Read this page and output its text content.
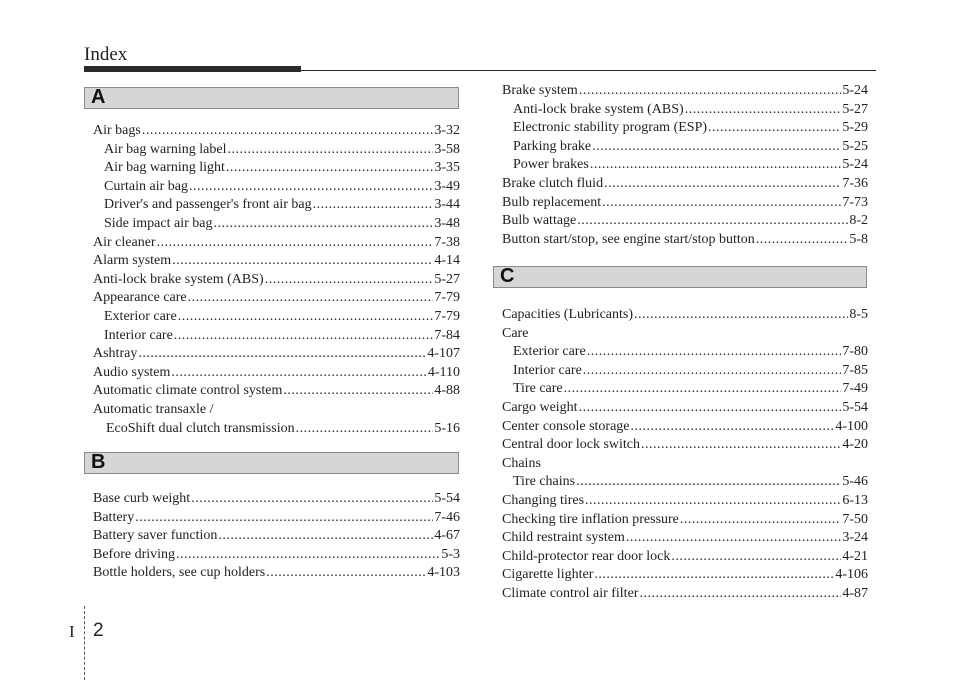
Index
A
Air bags .....	3-32
Air bag warning label .....	3-58
Air bag warning light .....	3-35
Curtain air bag .....	3-49
Driver's and passenger's front air bag .....	3-44
Side impact air bag .....	3-48
Air cleaner .....	7-38
Alarm system .....	4-14
Anti-lock brake system (ABS) .....	5-27
Appearance care .....	7-79
Exterior care .....	7-79
Interior care .....	7-84
Ashtray .....	4-107
Audio system .....	4-110
Automatic climate control system .....	4-88
Automatic transaxle /
EcoShift dual clutch transmission .....	5-16
B
Base curb weight .....	5-54
Battery .....	7-46
Battery saver function .....	4-67
Before driving .....	5-3
Bottle holders, see cup holders .....	4-103
Brake system .....	5-24
Anti-lock brake system (ABS) .....	5-27
Electronic stability program (ESP) .....	5-29
Parking brake .....	5-25
Power brakes .....	5-24
Brake clutch fluid .....	7-36
Bulb replacement .....	7-73
Bulb wattage .....	8-2
Button start/stop, see engine start/stop button .....	5-8
C
Capacities (Lubricants) .....	8-5
Care
Exterior care .....	7-80
Interior care .....	7-85
Tire care .....	7-49
Cargo weight .....	5-54
Center console storage .....	4-100
Central door lock switch .....	4-20
Chains
Tire chains .....	5-46
Changing tires .....	6-13
Checking tire inflation pressure .....	7-50
Child restraint system .....	3-24
Child-protector rear door lock .....	4-21
Cigarette lighter .....	4-106
Climate control air filter .....	4-87
I 2
